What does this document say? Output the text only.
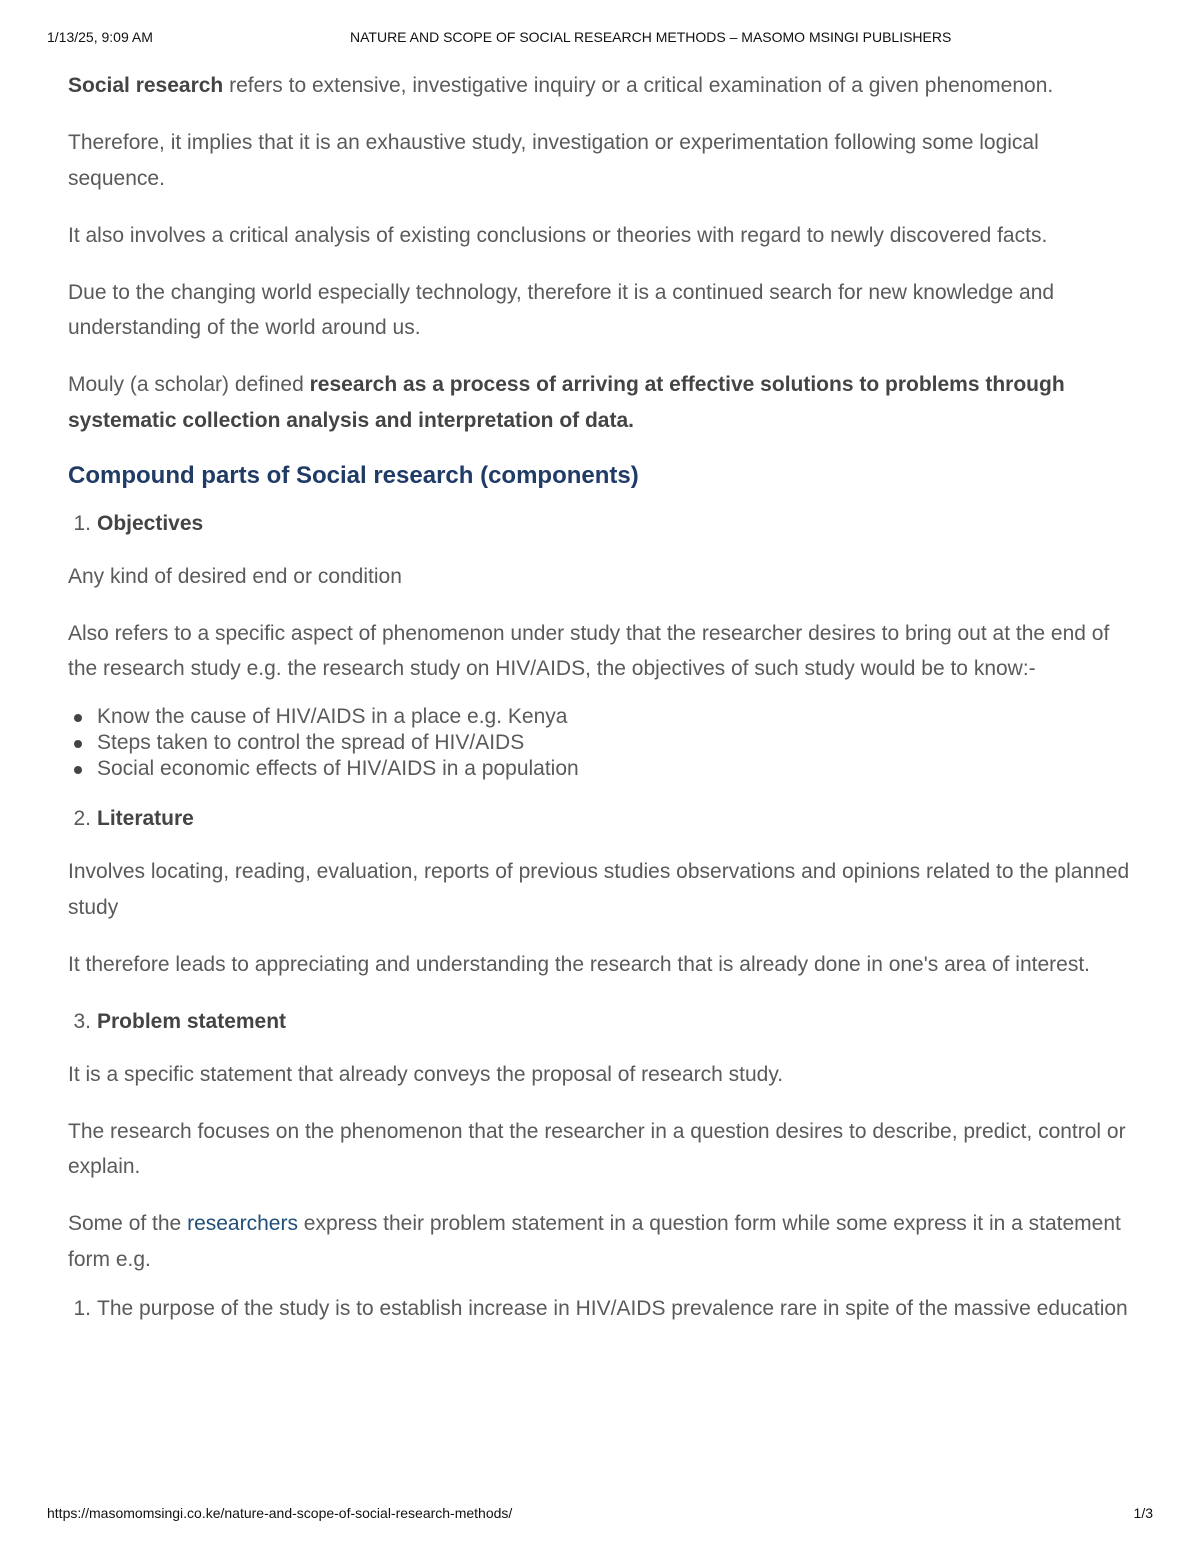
1/13/25, 9:09 AM	NATURE AND SCOPE OF SOCIAL RESEARCH METHODS – MASOMO MSINGI PUBLISHERS

Social research refers to extensive, investigative inquiry or a critical examination of a given phenomenon.

Therefore, it implies that it is an exhaustive study, investigation or experimentation following some logical sequence.

It also involves a critical analysis of existing conclusions or theories with regard to newly discovered facts.

Due to the changing world especially technology, therefore it is a continued search for new knowledge and understanding of the world around us.

Mouly (a scholar) defined research as a process of arriving at effective solutions to problems through systematic collection analysis and interpretation of data.

Compound parts of Social research (components)
1. Objectives

Any kind of desired end or condition

Also refers to a specific aspect of phenomenon under study that the researcher desires to bring out at the end of the research study e.g. the research study on HIV/AIDS, the objectives of such study would be to know:-

Know the cause of HIV/AIDS in a place e.g. Kenya
Steps taken to control the spread of HIV/AIDS
Social economic effects of HIV/AIDS in a population
2. Literature

Involves locating, reading, evaluation, reports of previous studies observations and opinions related to the planned study

It therefore leads to appreciating and understanding the research that is already done in one's area of interest.

3. Problem statement

It is a specific statement that already conveys the proposal of research study.

The research focuses on the phenomenon that the researcher in a question desires to describe, predict, control or explain.

Some of the researchers express their problem statement in a question form while some express it in a statement form e.g.

1. The purpose of the study is to establish increase in HIV/AIDS prevalence rare in spite of the massive education
https://masomomsingi.co.ke/nature-and-scope-of-social-research-methods/	1/3
